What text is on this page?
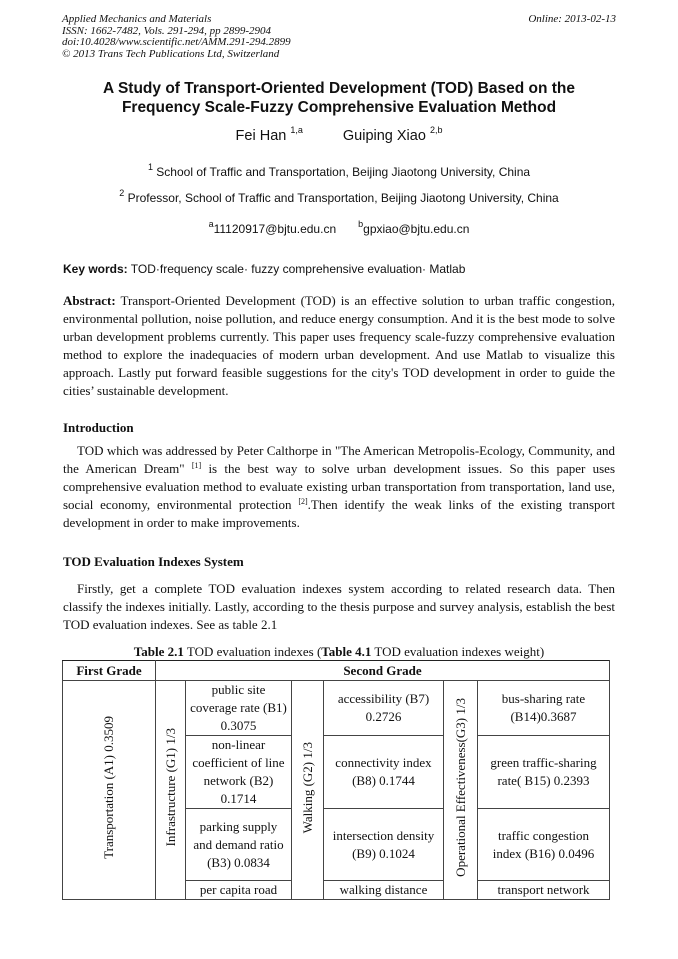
Applied Mechanics and Materials
ISSN: 1662-7482, Vols. 291-294, pp 2899-2904
doi:10.4028/www.scientific.net/AMM.291-294.2899
© 2013 Trans Tech Publications Ltd, Switzerland
Online: 2013-02-13
A Study of Transport-Oriented Development (TOD) Based on the
Frequency Scale-Fuzzy Comprehensive Evaluation Method
Fei Han $^{1,a}$	Guiping Xiao $^{2,b}$
$^1$ School of Traffic and Transportation, Beijing Jiaotong University, China
$^2$ Professor, School of Traffic and Transportation, Beijing Jiaotong University, China
$^a$11120917@bjtu.edu.cn $^b$gpxiao@bjtu.edu.cn
Key words: TOD·frequency scale· fuzzy comprehensive evaluation· Matlab
Abstract: Transport-Oriented Development (TOD) is an effective solution to urban traffic congestion, environmental pollution, noise pollution, and reduce energy consumption. And it is the best mode to solve urban development problems currently. This paper uses frequency scale-fuzzy comprehensive evaluation method to explore the inadequacies of modern urban development. And use Matlab to visualize this approach. Lastly put forward feasible suggestions for the city's TOD development in order to guide the cities’ sustainable development.
Introduction
TOD which was addressed by Peter Calthorpe in "The American Metropolis-Ecology, Community, and the American Dream" [1] is the best way to solve urban development issues. So this paper uses comprehensive evaluation method to evaluate existing urban transportation from transportation, land use, social economy, environmental protection [2].Then identify the weak links of the existing transport development in order to make improvements.
TOD Evaluation Indexes System
Firstly, get a complete TOD evaluation indexes system according to related research data. Then classify the indexes initially. Lastly, according to the thesis purpose and survey analysis, establish the best TOD evaluation indexes. See as table 2.1
Table 2.1 TOD evaluation indexes (Table 4.1 TOD evaluation indexes weight)
First Grade	Second Grade					
Transportation (A1) 0.3509	Infrastructure (G1) 1/3	public site coverage rate (B1) 0.3075	Walking (G2) 1/3	accessibility (B7) 0.2726	Operational Effectiveness(G3) 1/3	bus-sharing rate (B14)0.3687
		non-linear coefficient of line network (B2) 0.1714		connectivity index (B8) 0.1744		green traffic-sharing rate( B15) 0.2393
		parking supply and demand ratio (B3) 0.0834		intersection density (B9) 0.1024		traffic congestion index (B16) 0.0496
		per capita road		walking distance		transport network
